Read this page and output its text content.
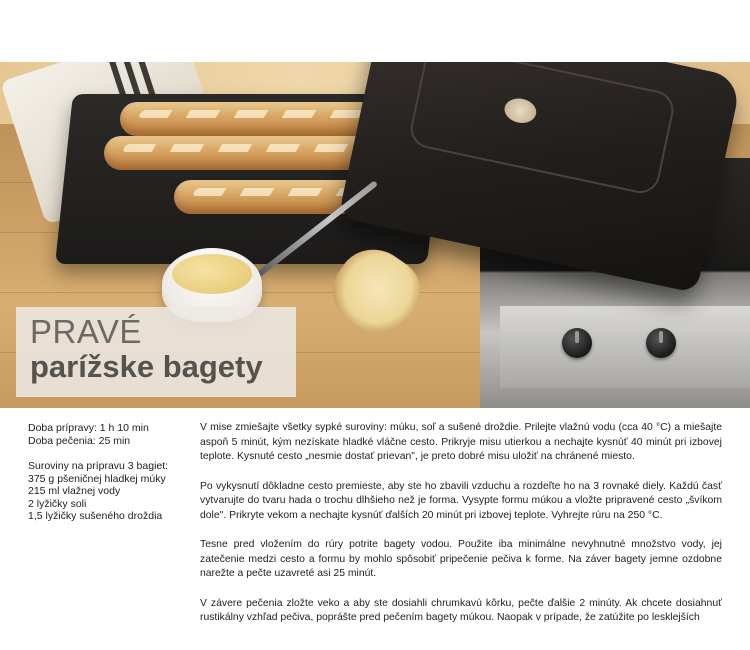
PRAVÉ
parížske bagety
Doba prípravy: 1 h 10 min
Doba pečenia: 25 min
Suroviny na prípravu 3 bagiet:
375 g pšeničnej hladkej múky
215 ml vlažnej vody
2 lyžičky soli
1,5 lyžičky sušeného droždia

V mise zmiešajte všetky sypké suroviny: múku, soľ a sušené droždie. Prilejte vlažnú vodu (cca 40 °C) a miešajte aspoň 5 minút, kým nezískate hladké vláčne cesto. Prikryje misu utierkou a nechajte kysnúť 40 minút pri izbovej teplote. Kysnuté cesto „nesmie dostať prievan", je preto dobré misu uložiť na chránené miesto.

Po vykysnutí dôkladne cesto premieste, aby ste ho zbavili vzduchu a rozdeľte ho na 3 rovnaké diely. Každú časť vytvarujte do tvaru hada o trochu dlhšieho než je forma. Vysypte formu múkou a vložte pripravené cesto „švíkom dole". Prikryte vekom a nechajte kysnúť ďalších 20 minút pri izbovej teplote. Vyhrejte rúru na 250 °C.

Tesne pred vložením do rúry potrite bagety vodou. Použite iba minimálne nevyhnutné množstvo vody, jej zatečenie medzi cesto a formu by mohlo spôsobiť pripečenie pečiva k forme. Na záver bagety jemne ozdobne narežte a pečte uzavreté asi 25 minút.

V závere pečenia zložte veko a aby ste dosiahli chrumkavú kôrku, pečte ďalšie 2 minúty. Ak chcete dosiahnuť rustikálny vzhľad pečiva, poprášte pred pečením bagety múkou. Naopak v prípade, že zatúžite po lesklejších
